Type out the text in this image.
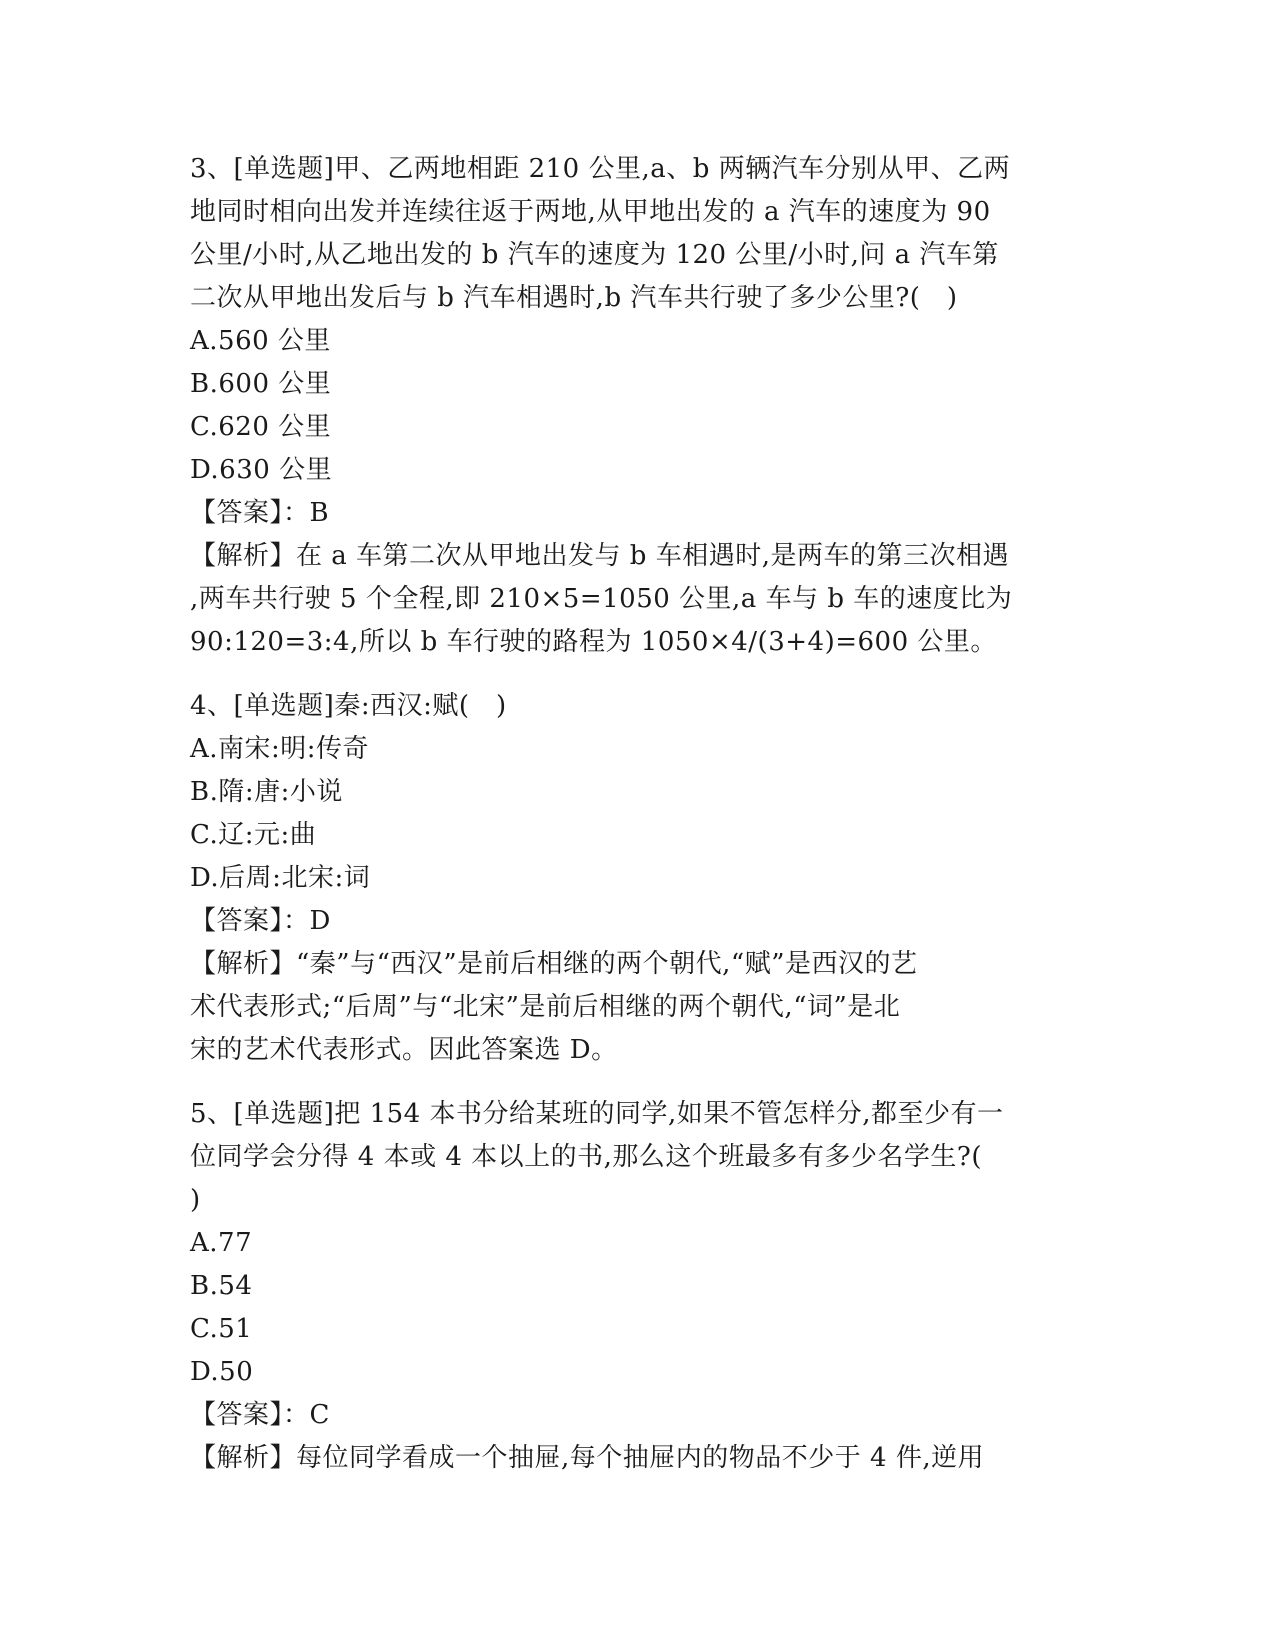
3、[单选题]甲、乙两地相距 210 公里,a、b 两辆汽车分别从甲、乙两
地同时相向出发并连续往返于两地,从甲地出发的 a 汽车的速度为 90
公里/小时,从乙地出发的 b 汽车的速度为 120 公里/小时,问 a 汽车第
二次从甲地出发后与 b 汽车相遇时,b 汽车共行驶了多少公里?(　)
A.560 公里
B.600 公里
C.620 公里
D.630 公里
【答案】：B
【解析】在 a 车第二次从甲地出发与 b 车相遇时,是两车的第三次相遇
,两车共行驶 5 个全程,即 210×5=1050 公里,a 车与 b 车的速度比为
90:120=3:4,所以 b 车行驶的路程为 1050×4/(3+4)=600 公里。
4、[单选题]秦:西汉:赋(　)
A.南宋:明:传奇
B.隋:唐:小说
C.辽:元:曲
D.后周:北宋:词
【答案】：D
【解析】“秦”与“西汉”是前后相继的两个朝代,“赋”是西汉的艺
术代表形式;“后周”与“北宋”是前后相继的两个朝代,“词”是北
宋的艺术代表形式。因此答案选 D。
5、[单选题]把 154 本书分给某班的同学,如果不管怎样分,都至少有一
位同学会分得 4 本或 4 本以上的书,那么这个班最多有多少名学生?(
)
A.77
B.54
C.51
D.50
【答案】：C
【解析】每位同学看成一个抽屉,每个抽屉内的物品不少于 4 件,逆用
